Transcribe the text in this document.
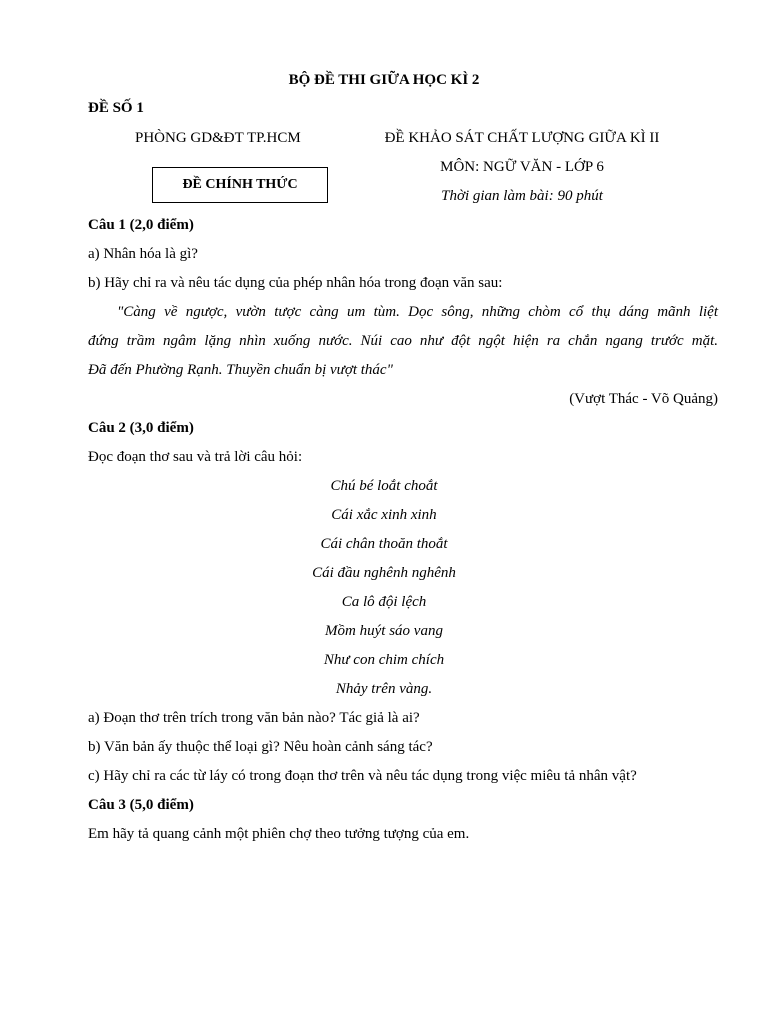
BỘ ĐỀ THI GIỮA HỌC KÌ 2
ĐỀ SỐ 1
PHÒNG GD&ĐT TP.HCM	ĐỀ KHẢO SÁT CHẤT LƯỢNG GIỮA KÌ II
MÔN: NGỮ VĂN - LỚP 6
Thời gian làm bài: 90 phút
ĐỀ CHÍNH THỨC
Câu 1 (2,0 điểm)
a) Nhân hóa là gì?
b) Hãy chỉ ra và nêu tác dụng của phép nhân hóa trong đoạn văn sau:
"Càng về ngược, vườn tược càng um tùm. Dọc sông, những chòm cổ thụ dáng mãnh liệt
đứng trầm ngâm lặng nhìn xuống nước. Núi cao như đột ngột hiện ra chắn ngang trước mặt.
Đã đến Phường Rạnh. Thuyền chuẩn bị vượt thác"
(Vượt Thác - Võ Quảng)
Câu 2 (3,0 điểm)
Đọc đoạn thơ sau và trả lời câu hỏi:
Chú bé loắt choắt
Cái xắc xinh xinh
Cái chân thoăn thoắt
Cái đầu nghênh nghênh
Ca lô đội lệch
Mồm huýt sáo vang
Như con chim chích
Nhảy trên vàng.
a) Đoạn thơ trên trích trong văn bản nào? Tác giả là ai?
b) Văn bản ấy thuộc thể loại gì? Nêu hoàn cảnh sáng tác?
c) Hãy chỉ ra các từ láy có trong đoạn thơ trên và nêu tác dụng trong việc miêu tả nhân vật?
Câu 3 (5,0 điểm)
Em hãy tả quang cảnh một phiên chợ theo tưởng tượng của em.
